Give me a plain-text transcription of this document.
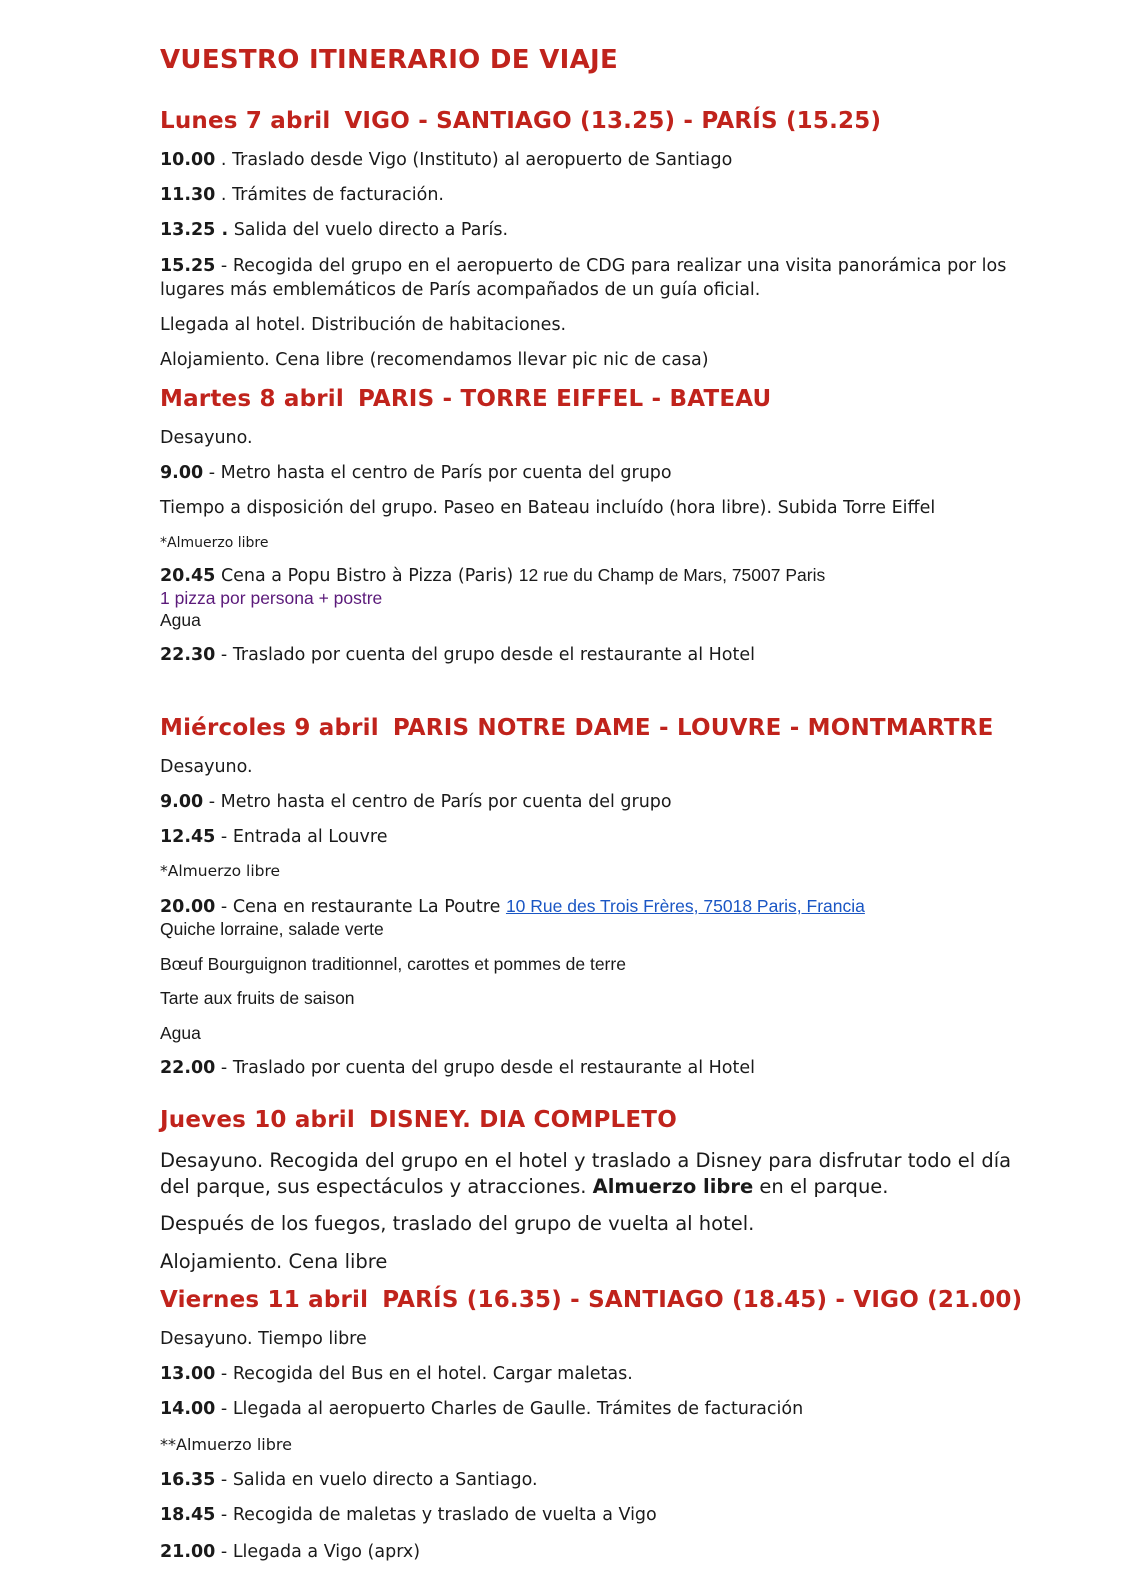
VUESTRO ITINERARIO DE VIAJE
Lunes 7 abril VIGO - SANTIAGO (13.25) - PARÍS (15.25)

10.00 . Traslado desde Vigo (Instituto) al aeropuerto de Santiago

11.30 . Trámites de facturación.

13.25 . Salida del vuelo directo a París.

15.25 - Recogida del grupo en el aeropuerto de CDG para realizar una visita panorámica por los lugares más emblemáticos de París acompañados de un guía oficial.

Llegada al hotel. Distribución de habitaciones.

Alojamiento. Cena libre (recomendamos llevar pic nic de casa)

Martes 8 abril PARIS - TORRE EIFFEL - BATEAU

Desayuno.

9.00 - Metro hasta el centro de París por cuenta del grupo

Tiempo a disposición del grupo. Paseo en Bateau incluído (hora libre). Subida Torre Eiffel

*Almuerzo libre

20.45 Cena a Popu Bistro à Pizza (Paris) 12 rue du Champ de Mars, 75007 Paris

1 pizza por persona + postre

Agua

22.30 - Traslado por cuenta del grupo desde el restaurante al Hotel

Miércoles 9 abril PARIS NOTRE DAME - LOUVRE - MONTMARTRE

Desayuno.

9.00 - Metro hasta el centro de París por cuenta del grupo

12.45 - Entrada al Louvre

*Almuerzo libre

20.00 - Cena en restaurante La Poutre 10 Rue des Trois Frères, 75018 Paris, Francia

Quiche lorraine, salade verte

Bœuf Bourguignon traditionnel, carottes et pommes de terre

Tarte aux fruits de saison

Agua

22.00 - Traslado por cuenta del grupo desde el restaurante al Hotel

Jueves 10 abril DISNEY. DIA COMPLETO

Desayuno. Recogida del grupo en el hotel y traslado a Disney para disfrutar todo el día del parque, sus espectáculos y atracciones. Almuerzo libre en el parque.

Después de los fuegos, traslado del grupo de vuelta al hotel.

Alojamiento. Cena libre

Viernes 11 abril PARÍS (16.35) - SANTIAGO (18.45) - VIGO (21.00)

Desayuno. Tiempo libre

13.00 - Recogida del Bus en el hotel. Cargar maletas.

14.00 - Llegada al aeropuerto Charles de Gaulle. Trámites de facturación

**Almuerzo libre

16.35 - Salida en vuelo directo a Santiago.

18.45 - Recogida de maletas y traslado de vuelta a Vigo

21.00 - Llegada a Vigo (aprx)
